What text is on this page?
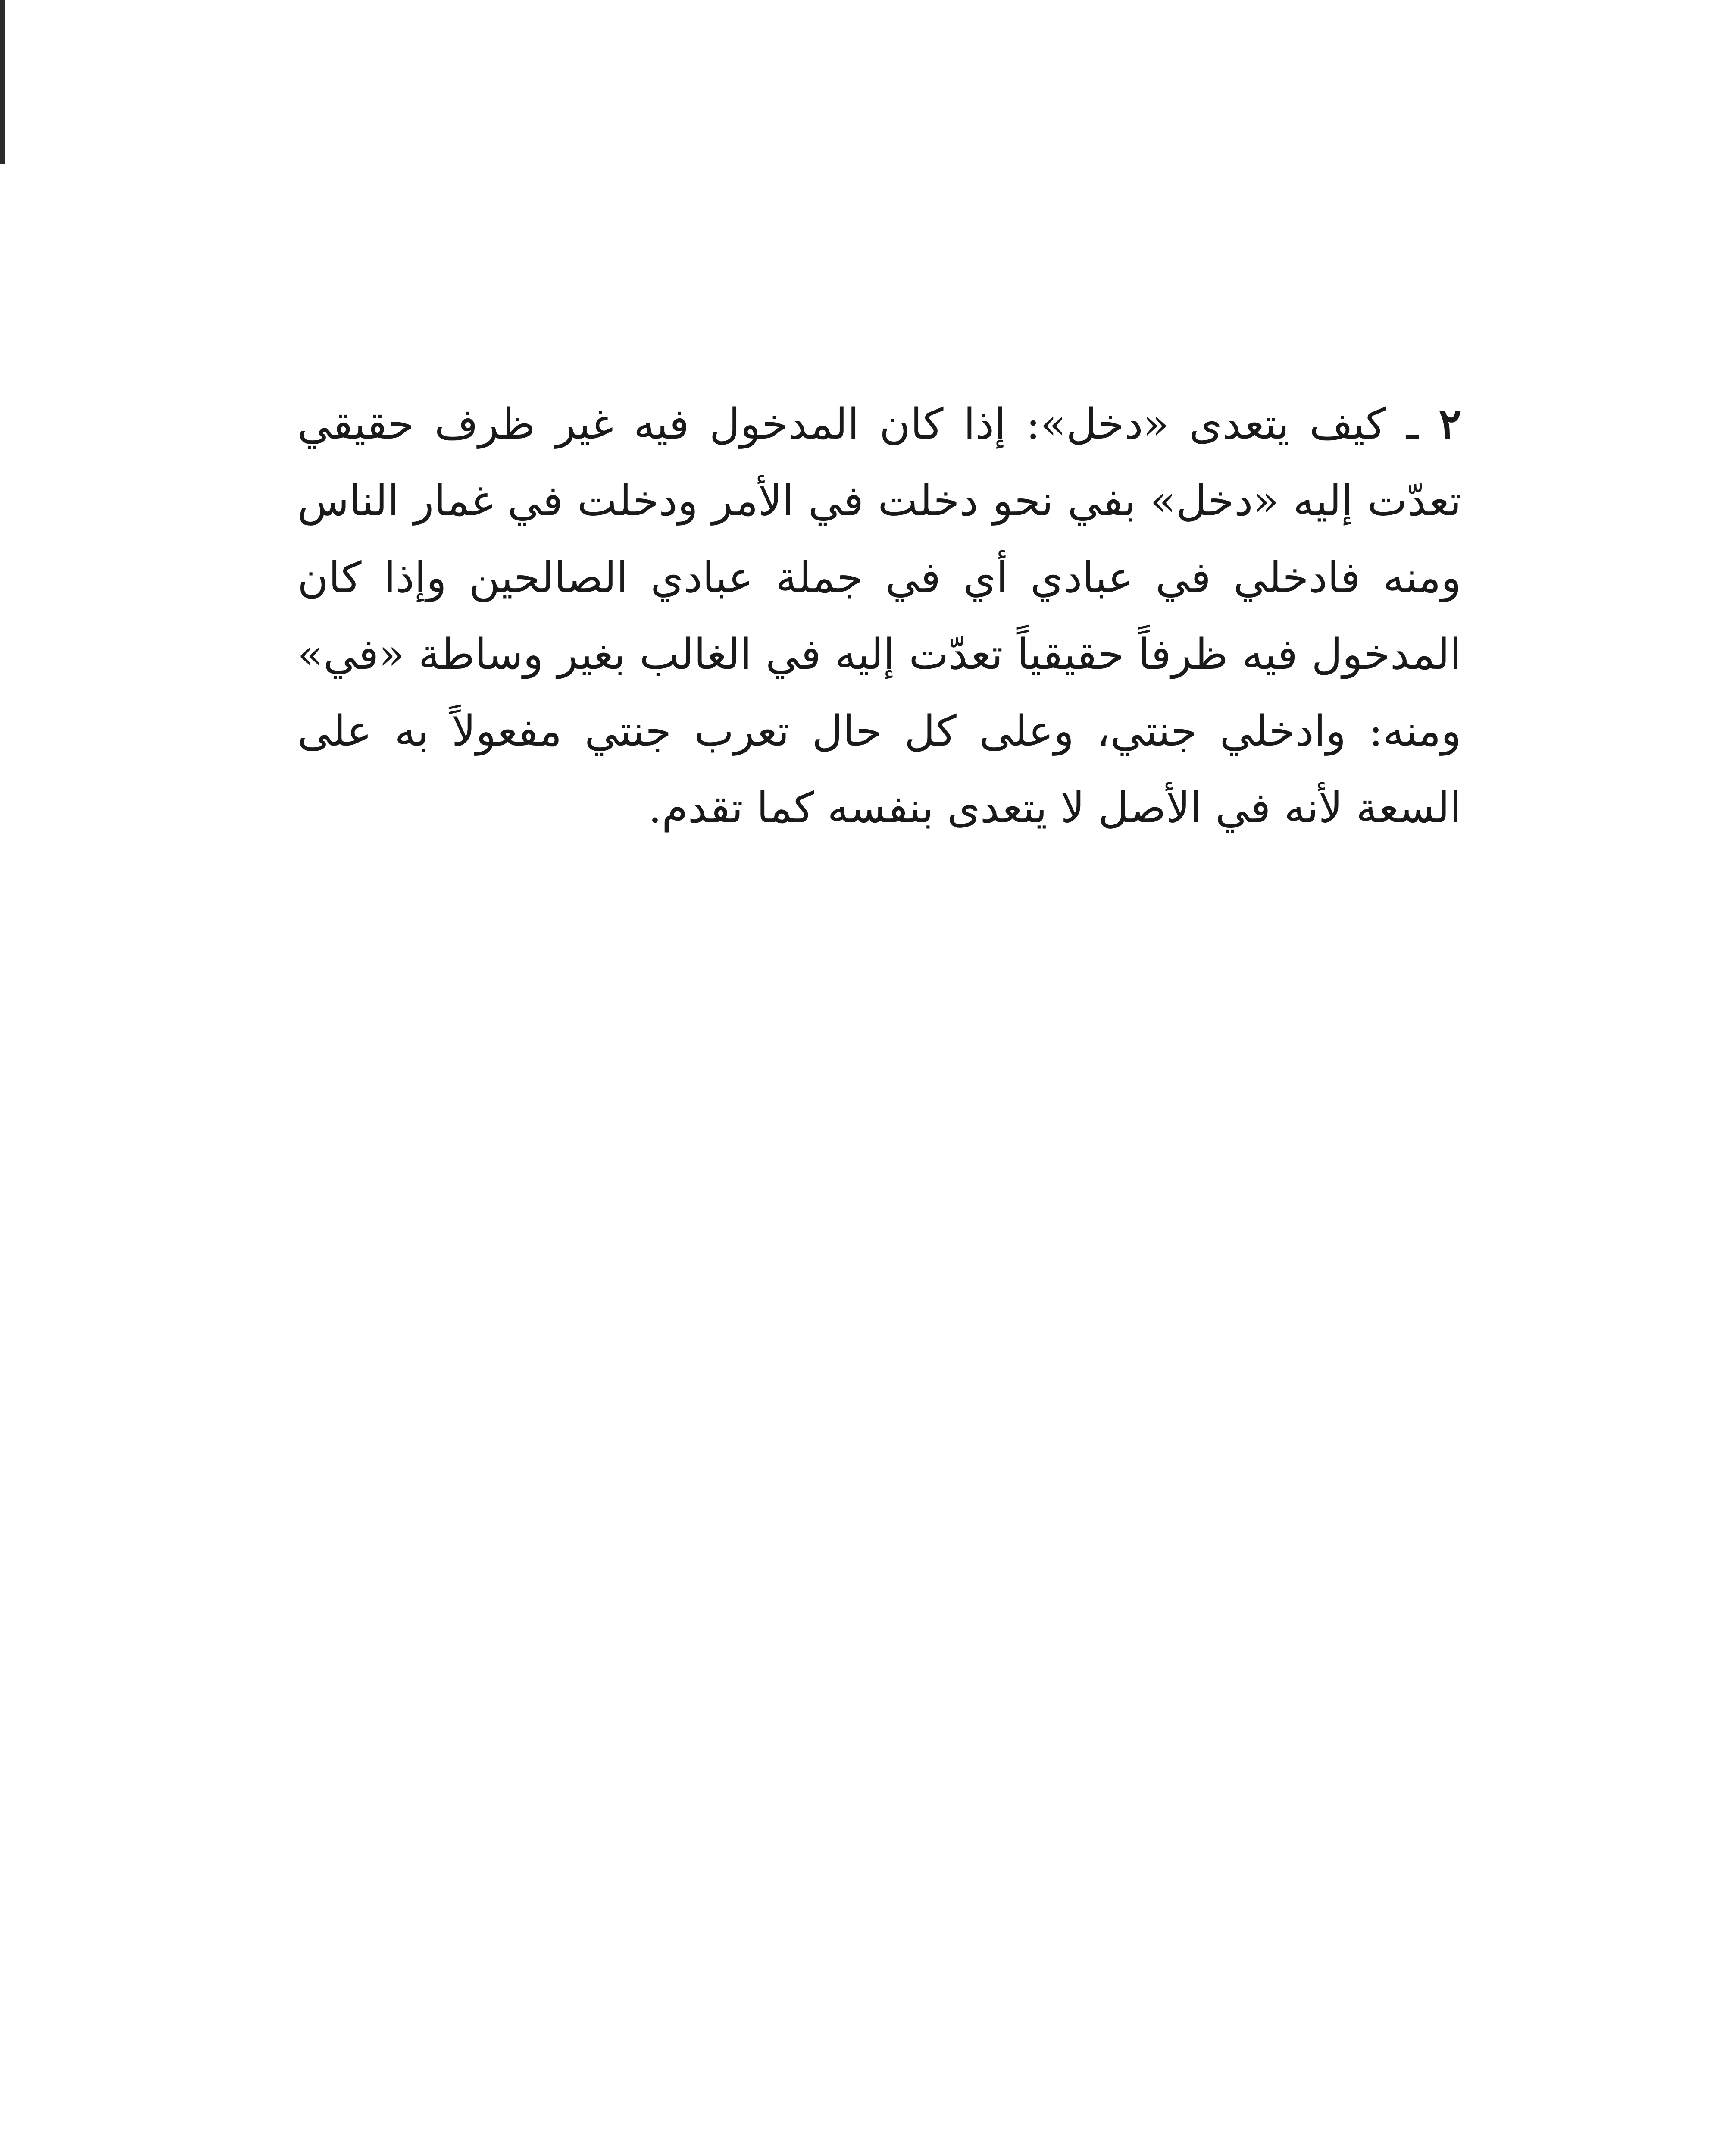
٢ ـ كيف يتعدى «دخل»: إذا كان المدخول فيه غير ظرف حقيقي تعدّت إليه «دخل» بفي نحو دخلت في الأمر ودخلت في غمار الناس ومنه فادخلي في عبادي أي في جملة عبادي الصالحين وإذا كان المدخول فيه ظرفاً حقيقياً تعدّت إليه في الغالب بغير وساطة «في» ومنه: وادخلي جنتي، وعلى كل حال تعرب جنتي مفعولاً به على السعة لأنه في الأصل لا يتعدى بنفسه كما تقدم.
